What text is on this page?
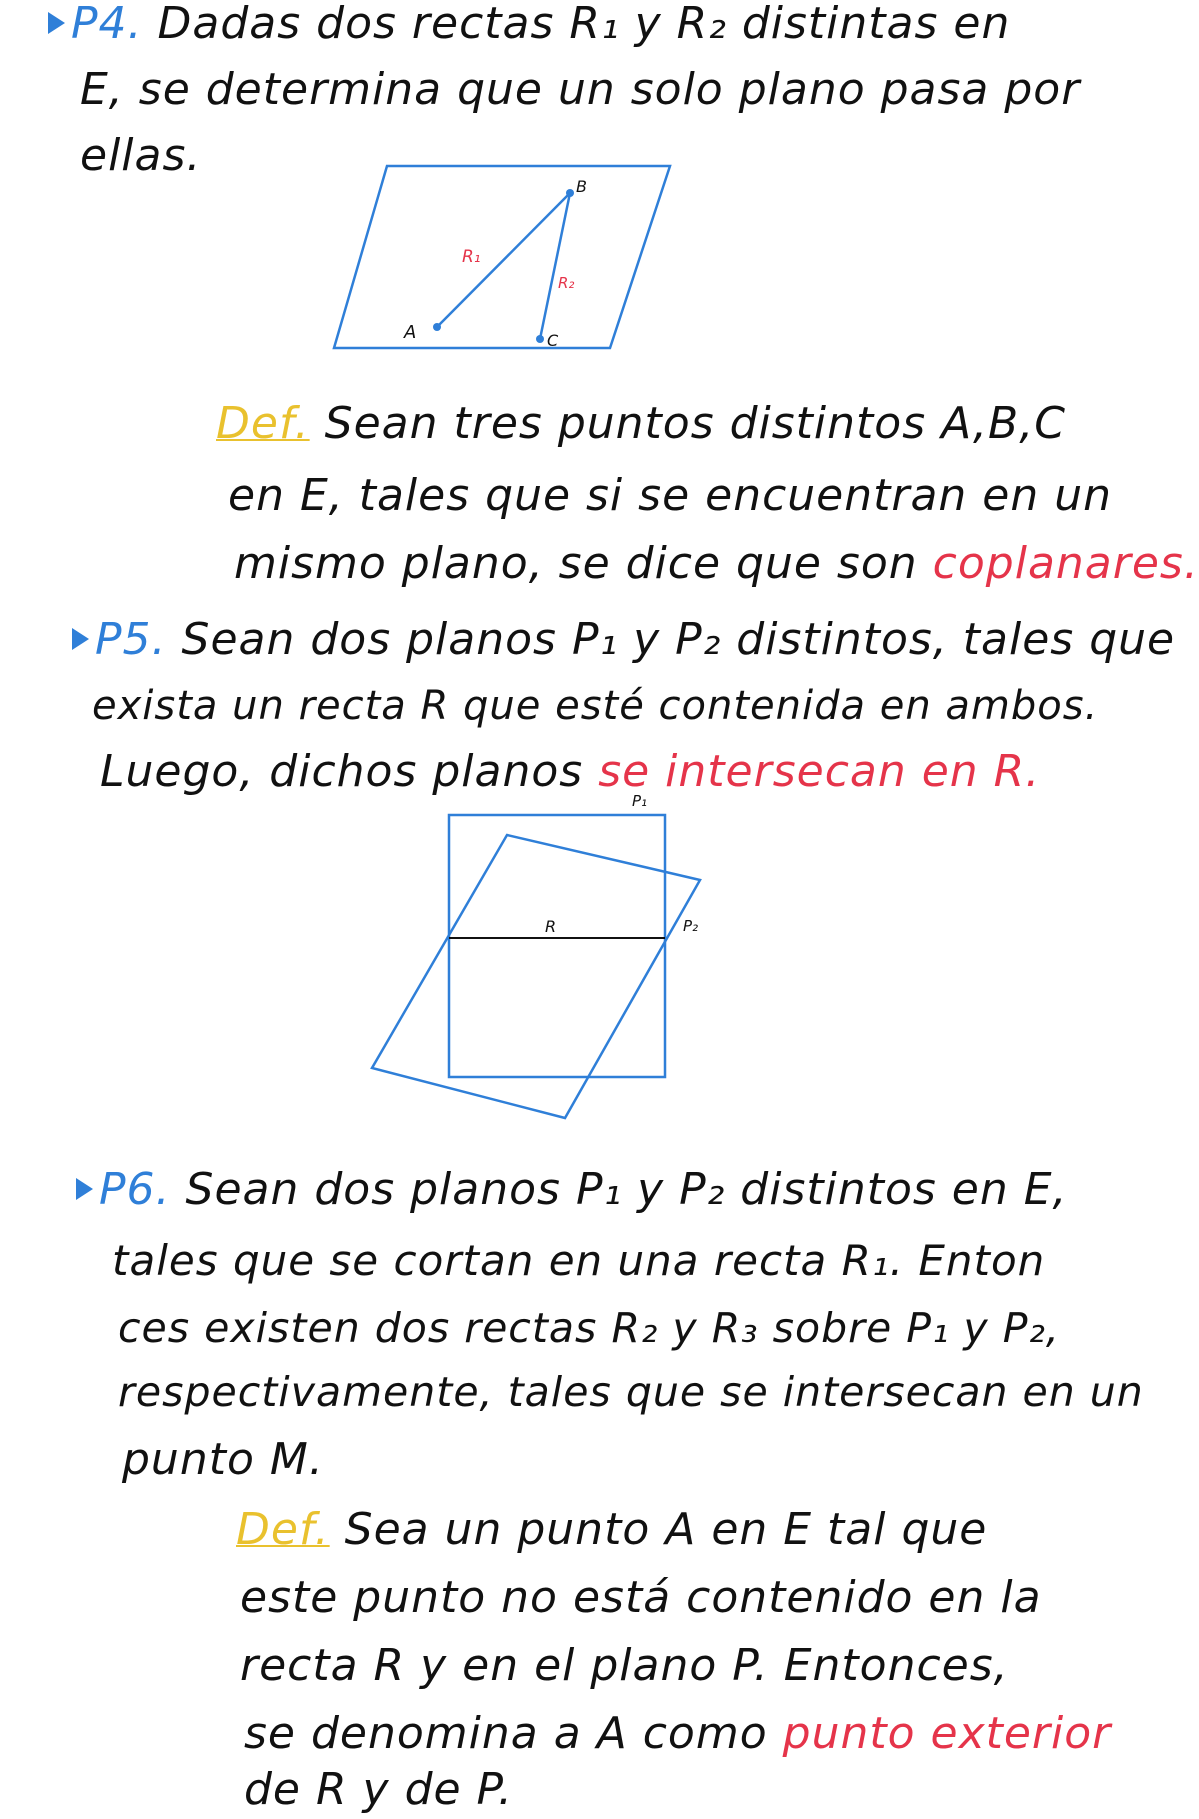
P4. Dadas dos rectas R₁ y R₂ distintas en
E, se determina que un solo plano pasa por
ellas.
A
B
C
R₁
R₂
Def. Sean tres puntos distintos A,B,C
en E, tales que si se encuentran en un
mismo plano, se dice que son coplanares.
P5. Sean dos planos P₁ y P₂ distintos, tales que
exista un recta R que esté contenida en ambos.
Luego, dichos planos se intersecan en R.
P₁
P₂
R
P6. Sean dos planos P₁ y P₂ distintos en E,
tales que se cortan en una recta R₁. Enton
ces existen dos rectas R₂ y R₃ sobre P₁ y P₂,
respectivamente, tales que se intersecan en un
punto M.
Def. Sea un punto A en E tal que
este punto no está contenido en la
recta R y en el plano P. Entonces,
se denomina a A como punto exterior
de R y de P.
